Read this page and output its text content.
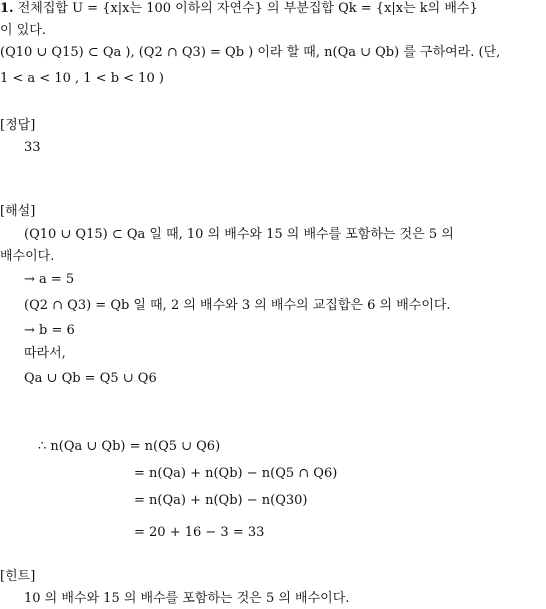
1. 전체집합 U = {x|x는 100 이하의 자연수} 의 부분집합 Qk = {x|x는 k의 배수}
이 있다.
(Q10 ∪ Q15) ⊂ Qa ), (Q2 ∩ Q3) = Qb ) 이라 할 때, n(Qa ∪ Qb) 를 구하여라. (단,
1 < a < 10 , 1 < b < 10 )
[정답]
33
[해설]
(Q10 ∪ Q15) ⊂ Qa 일 때, 10 의 배수와 15 의 배수를 포함하는 것은 5 의
배수이다.
→ a = 5
(Q2 ∩ Q3) = Qb 일 때, 2 의 배수와 3 의 배수의 교집합은 6 의 배수이다.
→ b = 6
따라서,
Qa ∪ Qb = Q5 ∪ Q6
∴ n(Qa ∪ Qb) = n(Q5 ∪ Q6)
= n(Qa) + n(Qb) − n(Q5 ∩ Q6)
= n(Qa) + n(Qb) − n(Q30)
= 20 + 16 − 3 = 33
[힌트]
10 의 배수와 15 의 배수를 포함하는 것은 5 의 배수이다.
